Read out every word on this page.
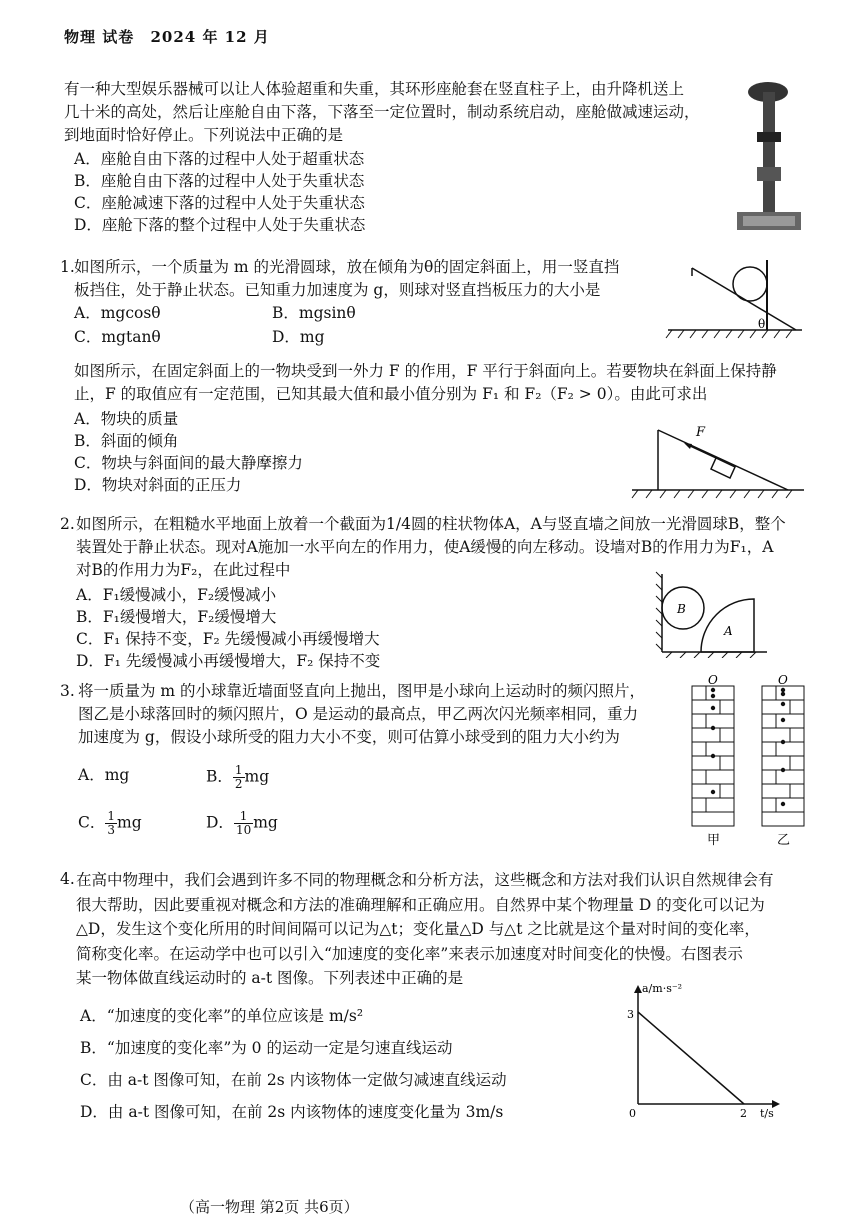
物理 试卷 2024 年 12 月
有一种大型娱乐器械可以让人体验超重和失重，其环形座舱套在竖直柱子上，由升降机送上
几十米的高处，然后让座舱自由下落，下落至一定位置时，制动系统启动，座舱做减速运动，
到地面时恰好停止。下列说法中正确的是
A．座舱自由下落的过程中人处于超重状态
B．座舱自由下落的过程中人处于失重状态
C．座舱减速下落的过程中人处于失重状态
D．座舱下落的整个过程中人处于失重状态
1. 如图所示，一个质量为 m 的光滑圆球，放在倾角为θ的固定斜面上，用一竖直挡
板挡住，处于静止状态。已知重力加速度为 g，则球对竖直挡板压力的大小是
A．mgcosθ	B．mgsinθ
C．mgtanθ	D．mg
θ
如图所示，在固定斜面上的一物块受到一外力 F 的作用，F 平行于斜面向上。若要物块在斜面上保持静
止，F 的取值应有一定范围，已知其最大值和最小值分别为 F₁ 和 F₂（F₂ > 0）。由此可求出
A．物块的质量
B．斜面的倾角
C．物块与斜面间的最大静摩擦力
D．物块对斜面的正压力
F
2. 如图所示，在粗糙水平地面上放着一个截面为1/4圆的柱状物体A，A与竖直墙之间放一光滑圆球B，整个
装置处于静止状态。现对A施加一水平向左的作用力，使A缓慢的向左移动。设墙对B的作用力为F₁，A
对B的作用力为F₂，在此过程中
A．F₁缓慢减小，F₂缓慢减小
B．F₁缓慢增大，F₂缓慢增大
C．F₁ 保持不变，F₂ 先缓慢减小再缓慢增大
D．F₁ 先缓慢减小再缓慢增大，F₂ 保持不变
B
A
3. 将一质量为 m 的小球靠近墙面竖直向上抛出，图甲是小球向上运动时的频闪照片，
图乙是小球落回时的频闪照片，O 是运动的最高点，甲乙两次闪光频率相同，重力
加速度为 g，假设小球所受的阻力大小不变，则可估算小球受到的阻力大小约为
A．mg	B． $\frac{1}{2}$ mg
C． $\frac{1}{3}$ mg	D． $\frac{1}{10}$ mg
O	O
甲	乙
4. 在高中物理中，我们会遇到许多不同的物理概念和分析方法，这些概念和方法对我们认识自然规律会有
很大帮助，因此要重视对概念和方法的准确理解和正确应用。自然界中某个物理量 D 的变化可以记为
△D，发生这个变化所用的时间间隔可以记为△t；变化量△D 与△t 之比就是这个量对时间的变化率，
简称变化率。在运动学中也可以引入“加速度的变化率”来表示加速度对时间变化的快慢。右图表示
某一物体做直线运动时的 a-t 图像。下列表述中正确的是
A．“加速度的变化率”的单位应该是 m/s²
B．“加速度的变化率”为 0 的运动一定是匀速直线运动
C．由 a-t 图像可知，在前 2s 内该物体一定做匀减速直线运动
D．由 a-t 图像可知，在前 2s 内该物体的速度变化量为 3m/s
a/m·s⁻²
t/s
3
2
0
（高一物理 第2页 共6页）
